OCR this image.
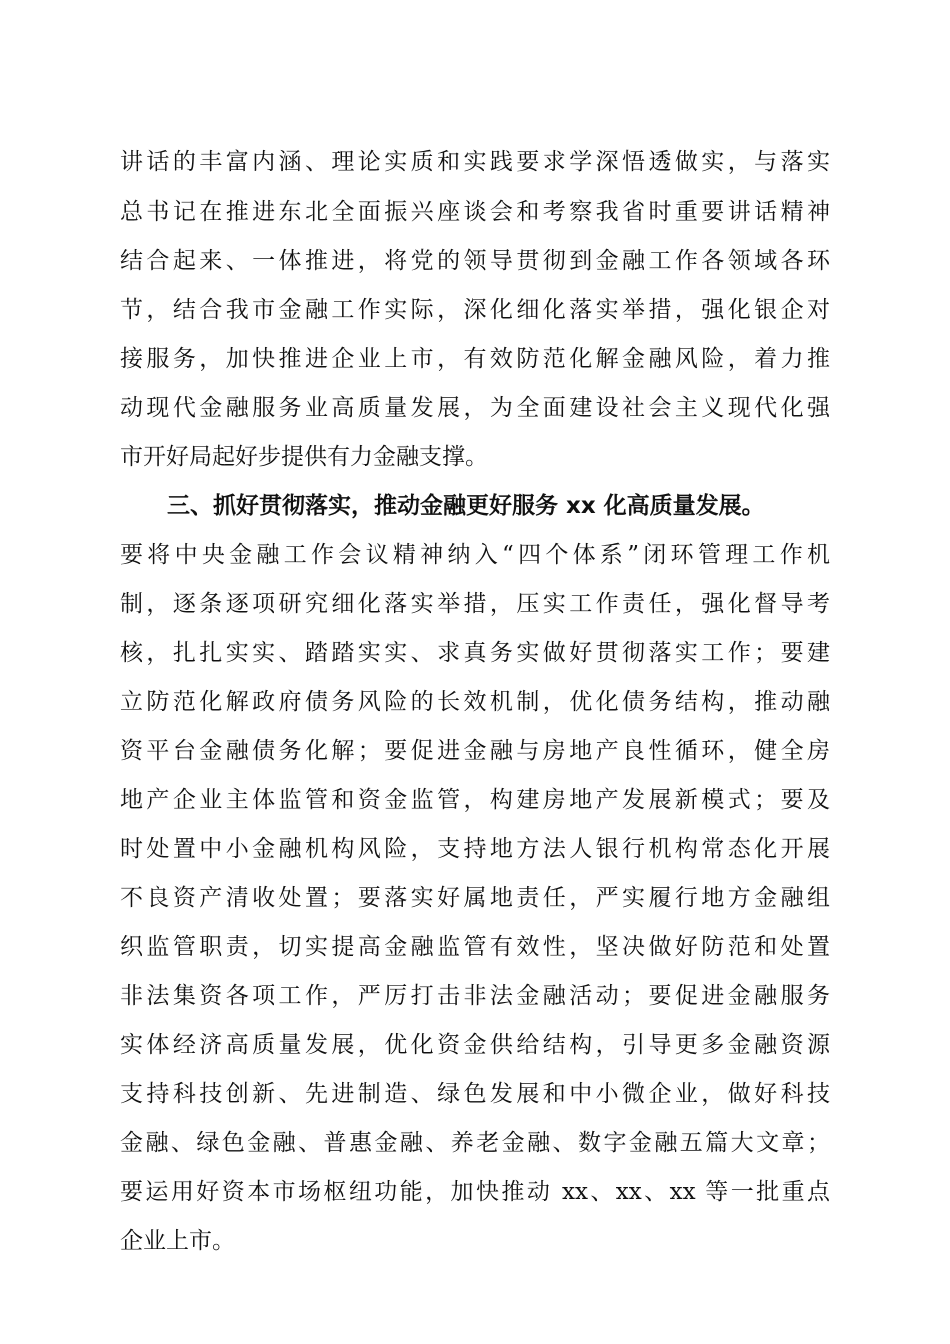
讲话的丰富内涵、理论实质和实践要求学深悟透做实，与落实
总书记在推进东北全面振兴座谈会和考察我省时重要讲话精神
结合起来、一体推进，将党的领导贯彻到金融工作各领域各环
节，结合我市金融工作实际，深化细化落实举措，强化银企对
接服务，加快推进企业上市，有效防范化解金融风险，着力推
动现代金融服务业高质量发展，为全面建设社会主义现代化强
市开好局起好步提供有力金融支撑。
三、抓好贯彻落实，推动金融更好服务 xx 化高质量发展。
要将中央金融工作会议精神纳入“四个体系”闭环管理工作机
制，逐条逐项研究细化落实举措，压实工作责任，强化督导考
核，扎扎实实、踏踏实实、求真务实做好贯彻落实工作；要建
立防范化解政府债务风险的长效机制，优化债务结构，推动融
资平台金融债务化解；要促进金融与房地产良性循环，健全房
地产企业主体监管和资金监管，构建房地产发展新模式；要及
时处置中小金融机构风险，支持地方法人银行机构常态化开展
不良资产清收处置；要落实好属地责任，严实履行地方金融组
织监管职责，切实提高金融监管有效性，坚决做好防范和处置
非法集资各项工作，严厉打击非法金融活动；要促进金融服务
实体经济高质量发展，优化资金供给结构，引导更多金融资源
支持科技创新、先进制造、绿色发展和中小微企业，做好科技
金融、绿色金融、普惠金融、养老金融、数字金融五篇大文章；
要运用好资本市场枢纽功能，加快推动 xx、xx、xx 等一批重点
企业上市。
